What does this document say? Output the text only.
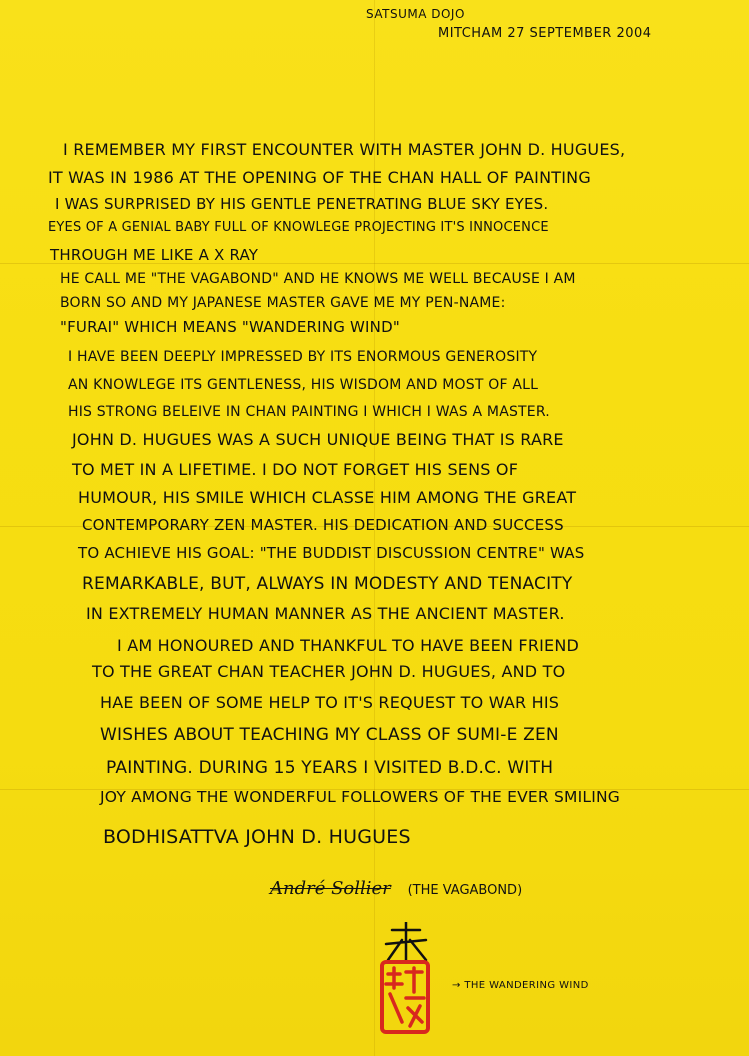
SATSUMA DOJO
MITCHAM 27 SEPTEMBER 2004
I REMEMBER MY FIRST ENCOUNTER WITH MASTER JOHN D. HUGUES,
IT WAS IN 1986 AT THE OPENING OF THE CHAN HALL OF PAINTING
I WAS SURPRISED BY HIS GENTLE PENETRATING BLUE SKY EYES.
EYES OF A GENIAL BABY FULL OF KNOWLEGE PROJECTING IT'S INNOCENCE
THROUGH ME LIKE A X RAY
HE CALL ME "THE VAGABOND" AND HE KNOWS ME WELL BECAUSE I AM
BORN SO AND MY JAPANESE MASTER GAVE ME MY PEN-NAME:
"FURAI" WHICH MEANS "WANDERING WIND"
I HAVE BEEN DEEPLY IMPRESSED BY ITS ENORMOUS GENEROSITY
AN KNOWLEGE ITS GENTLENESS, HIS WISDOM AND MOST OF ALL
HIS STRONG BELEIVE IN CHAN PAINTING I WHICH I WAS A MASTER.
JOHN D. HUGUES WAS A SUCH UNIQUE BEING THAT IS RARE
TO MET IN A LIFETIME. I DO NOT FORGET HIS SENS OF
HUMOUR, HIS SMILE WHICH CLASSE HIM AMONG THE GREAT
CONTEMPORARY ZEN MASTER. HIS DEDICATION AND SUCCESS
TO ACHIEVE HIS GOAL: "THE BUDDIST DISCUSSION CENTRE" WAS
REMARKABLE, BUT, ALWAYS IN MODESTY AND TENACITY
IN EXTREMELY HUMAN MANNER AS THE ANCIENT MASTER.
I AM HONOURED AND THANKFUL TO HAVE BEEN FRIEND
TO THE GREAT CHAN TEACHER JOHN D. HUGUES, AND TO
HAE BEEN OF SOME HELP TO IT'S REQUEST TO WAR HIS
WISHES ABOUT TEACHING MY CLASS OF SUMI-E ZEN
PAINTING. DURING 15 YEARS I VISITED B.D.C. WITH
JOY AMONG THE WONDERFUL FOLLOWERS OF THE EVER SMILING
BODHISATTVA JOHN D. HUGUES
André Sollier (THE VAGABOND)
→ THE WANDERING WIND
